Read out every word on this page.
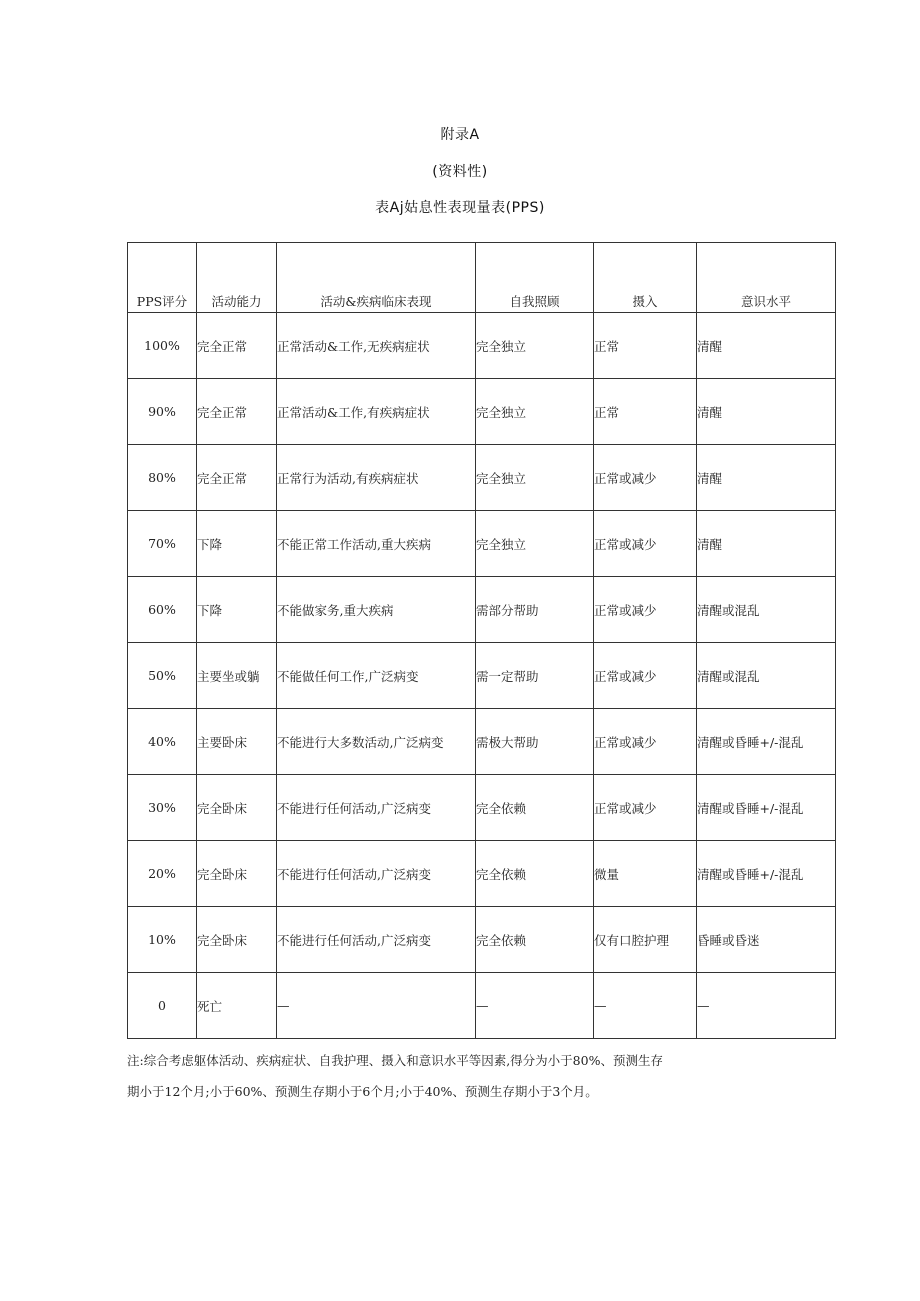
附录A
(资料性)
表Aj姑息性表现量表(PPS)
PPS评分	活动能力	活动&疾病临床表现	自我照顾	摄入	意识水平
100%	完全正常	正常活动&工作,无疾病症状	完全独立	正常	清醒
90%	完全正常	正常活动&工作,有疾病症状	完全独立	正常	清醒
80%	完全正常	正常行为活动,有疾病症状	完全独立	正常或减少	清醒
70%	下降	不能正常工作活动,重大疾病	完全独立	正常或减少	清醒
60%	下降	不能做家务,重大疾病	需部分帮助	正常或减少	清醒或混乱
50%	主要坐或躺	不能做任何工作,广泛病变	需一定帮助	正常或减少	清醒或混乱
40%	主要卧床	不能进行大多数活动,广泛病变	需极大帮助	正常或减少	清醒或昏睡+/-混乱
30%	完全卧床	不能进行任何活动,广泛病变	完全依赖	正常或减少	清醒或昏睡+/-混乱
20%	完全卧床	不能进行任何活动,广泛病变	完全依赖	微量	清醒或昏睡+/-混乱
10%	完全卧床	不能进行任何活动,广泛病变	完全依赖	仅有口腔护理	昏睡或昏迷
0	死亡	—	—	—	—
注:综合考虑躯体活动、疾病症状、自我护理、摄入和意识水平等因素,得分为小于80%、预测生存
期小于12个月;小于60%、预测生存期小于6个月;小于40%、预测生存期小于3个月。
